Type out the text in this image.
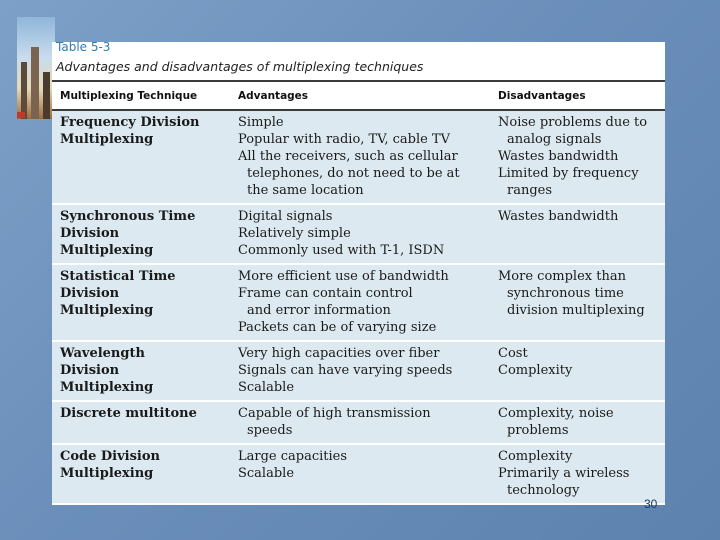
Table 5-3
Advantages and disadvantages of multiplexing techniques
Multiplexing Technique	Advantages	Disadvantages

Frequency Division
Multiplexing	Simple
Popular with radio, TV, cable TV
All the receivers, such as cellular
telephones, do not need to be at
the same location	Noise problems due to
analog signals
Wastes bandwidth
Limited by frequency
ranges

Synchronous Time
Division
Multiplexing	Digital signals
Relatively simple
Commonly used with T-1, ISDN	Wastes bandwidth

Statistical Time
Division
Multiplexing	More efficient use of bandwidth
Frame can contain control
and error information
Packets can be of varying size	More complex than
synchronous time
division multiplexing

Wavelength
Division
Multiplexing	Very high capacities over fiber
Signals can have varying speeds
Scalable	Cost
Complexity

Discrete multitone	Capable of high transmission
speeds	Complexity, noise
problems

Code Division
Multiplexing	Large capacities
Scalable	Complexity
Primarily a wireless
technology
30
